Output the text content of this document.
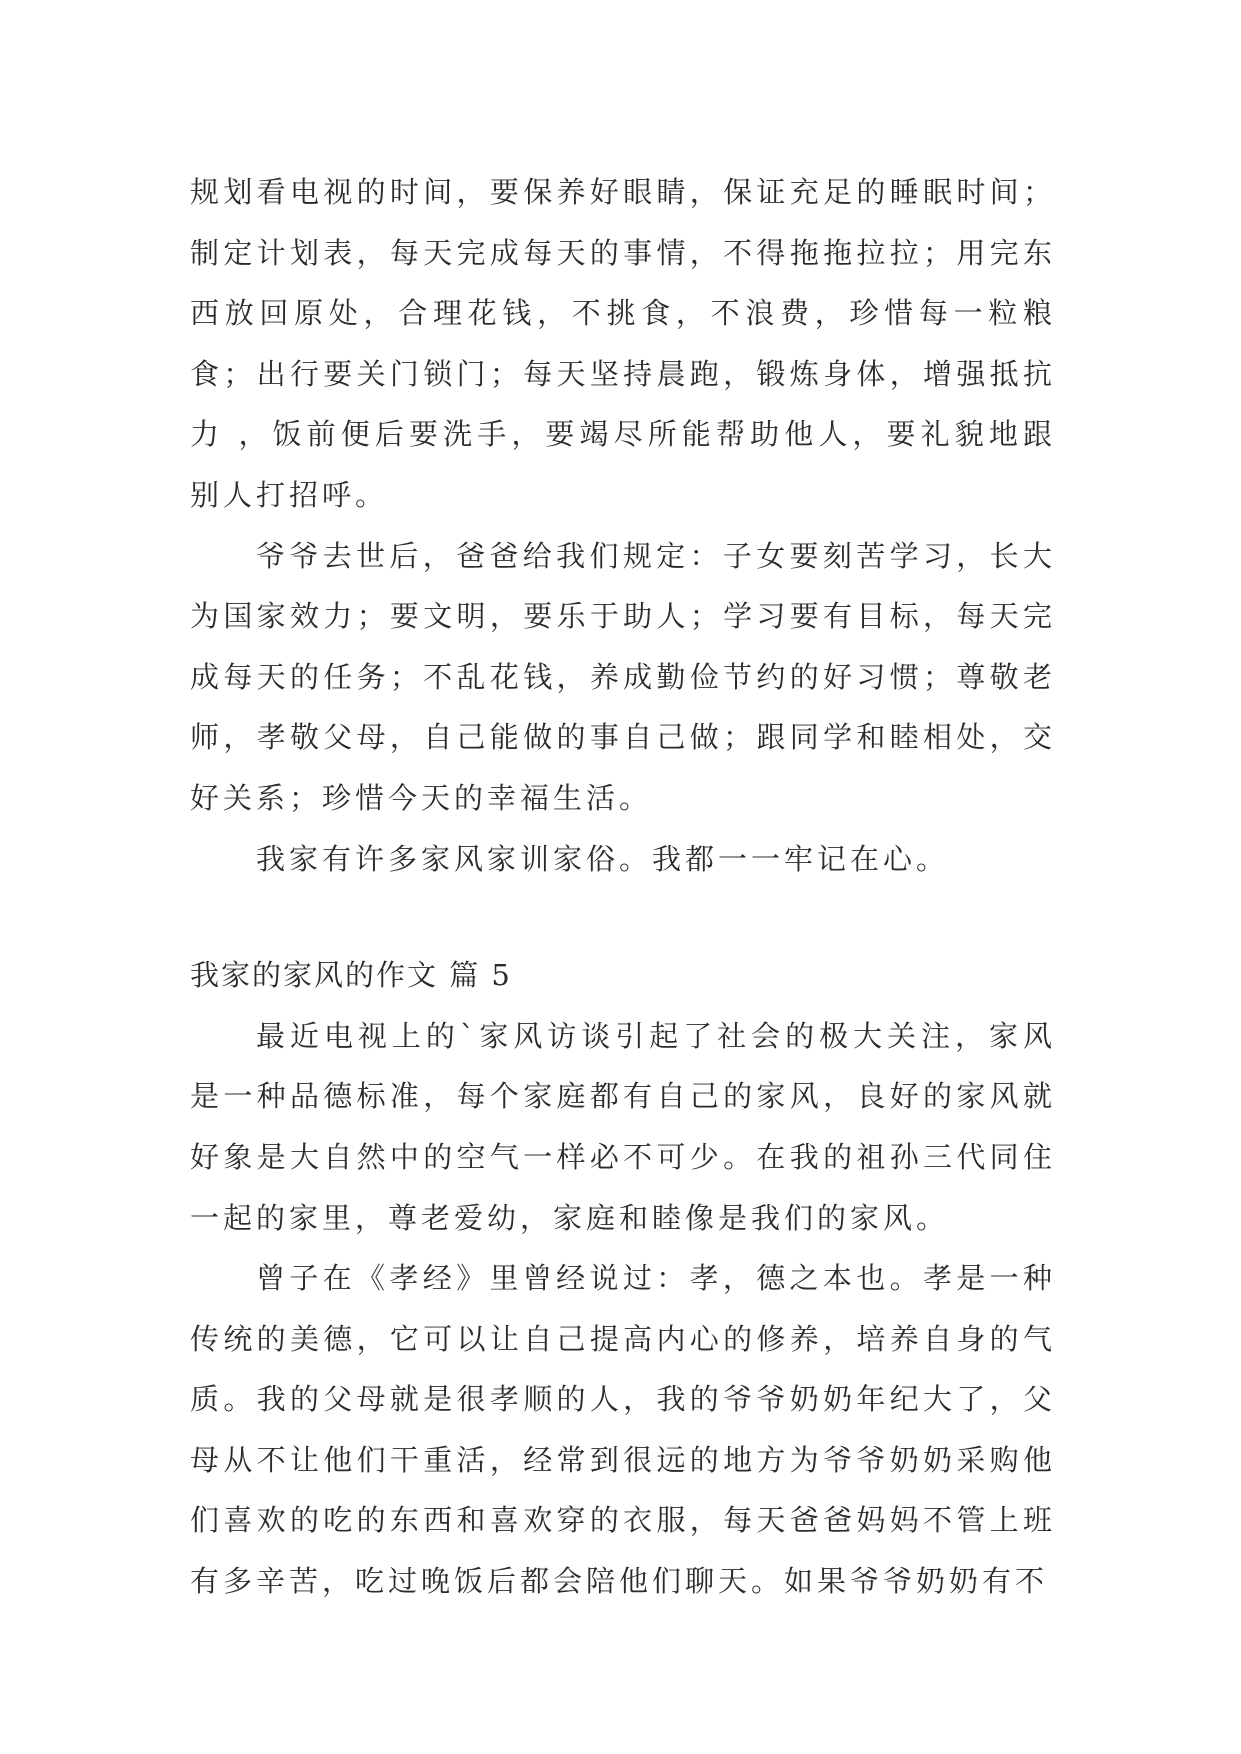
规划看电视的时间，要保养好眼睛，保证充足的睡眠时间；制定计划表，每天完成每天的事情，不得拖拖拉拉；用完东西放回原处，合理花钱，不挑食，不浪费，珍惜每一粒粮食；出行要关门锁门；每天坚持晨跑，锻炼身体，增强抵抗力 ，饭前便后要洗手，要竭尽所能帮助他人，要礼貌地跟别人打招呼。

爷爷去世后，爸爸给我们规定：子女要刻苦学习，长大为国家效力；要文明，要乐于助人；学习要有目标，每天完成每天的任务；不乱花钱，养成勤俭节约的好习惯；尊敬老师，孝敬父母，自己能做的事自己做；跟同学和睦相处，交好关系；珍惜今天的幸福生活。

我家有许多家风家训家俗。我都一一牢记在心。

我家的家风的作文 篇 5

最近电视上的`家风访谈引起了社会的极大关注，家风是一种品德标准，每个家庭都有自己的家风，良好的家风就好象是大自然中的空气一样必不可少。在我的祖孙三代同住一起的家里，尊老爱幼，家庭和睦像是我们的家风。

曾子在《孝经》里曾经说过：孝，德之本也。孝是一种传统的美德，它可以让自己提高内心的修养，培养自身的气质。我的父母就是很孝顺的人，我的爷爷奶奶年纪大了，父母从不让他们干重活，经常到很远的地方为爷爷奶奶采购他们喜欢的吃的东西和喜欢穿的衣服，每天爸爸妈妈不管上班有多辛苦，吃过晚饭后都会陪他们聊天。如果爷爷奶奶有不
